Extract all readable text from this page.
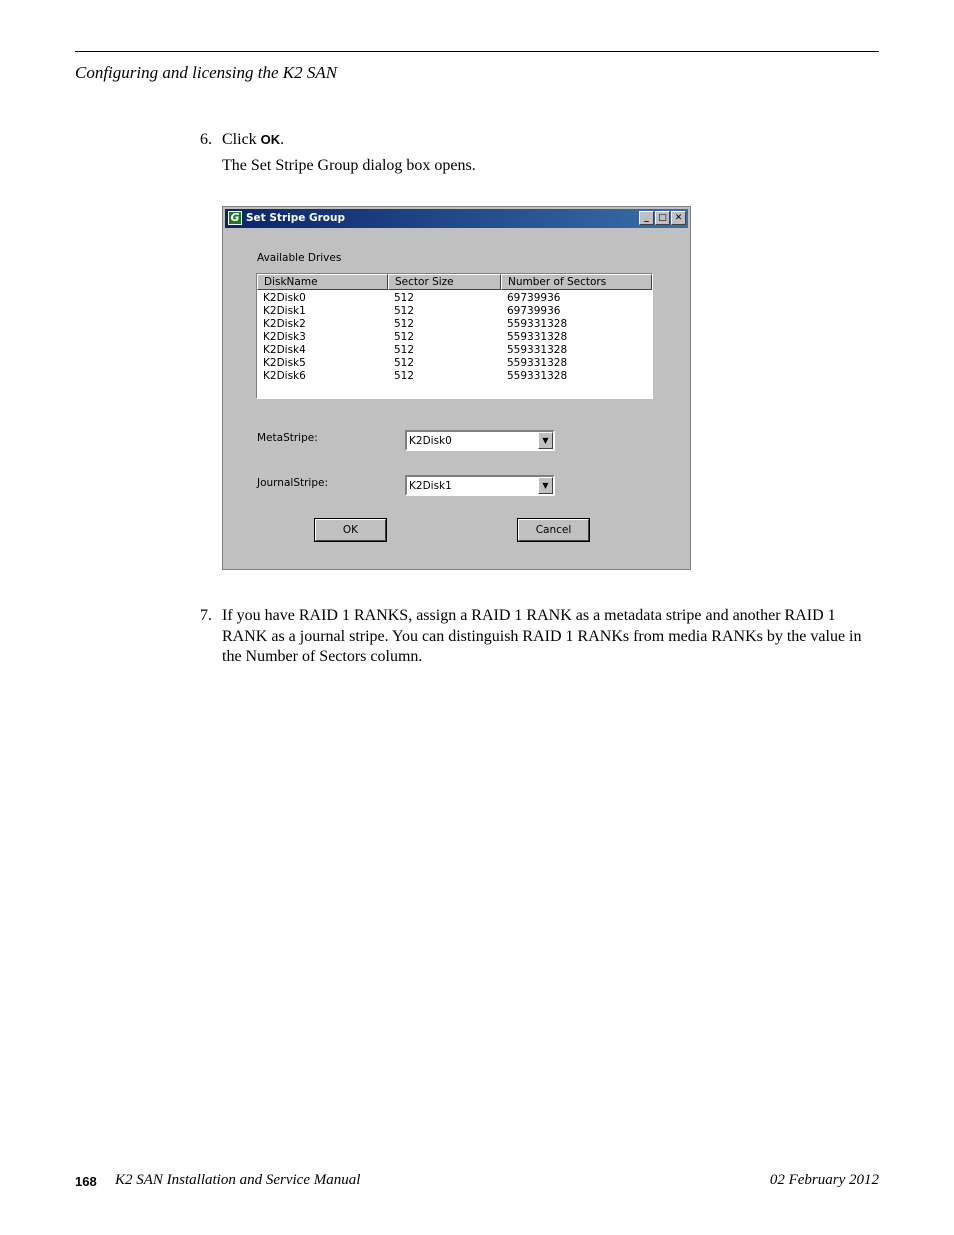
Configuring and licensing the K2 SAN
6. Click OK.
The Set Stripe Group dialog box opens.
G Set Stripe Group	_	□ ✕
Available Drives
DiskName	Sector Size	Number of Sectors
K2Disk0	512	69739936
K2Disk1	512	69739936
K2Disk2	512	559331328
K2Disk3	512	559331328
K2Disk4	512	559331328
K2Disk5	512	559331328
K2Disk6	512	559331328
MetaStripe:	K2Disk0	▼
JournalStripe:	K2Disk1	▼
OK	Cancel
7. If you have RAID 1 RANKS, assign a RAID 1 RANK as a metadata stripe and another RAID 1 RANK as a journal stripe. You can distinguish RAID 1 RANKs from media RANKs by the value in the Number of Sectors column.
168 K2 SAN Installation and Service Manual	02 February 2012
